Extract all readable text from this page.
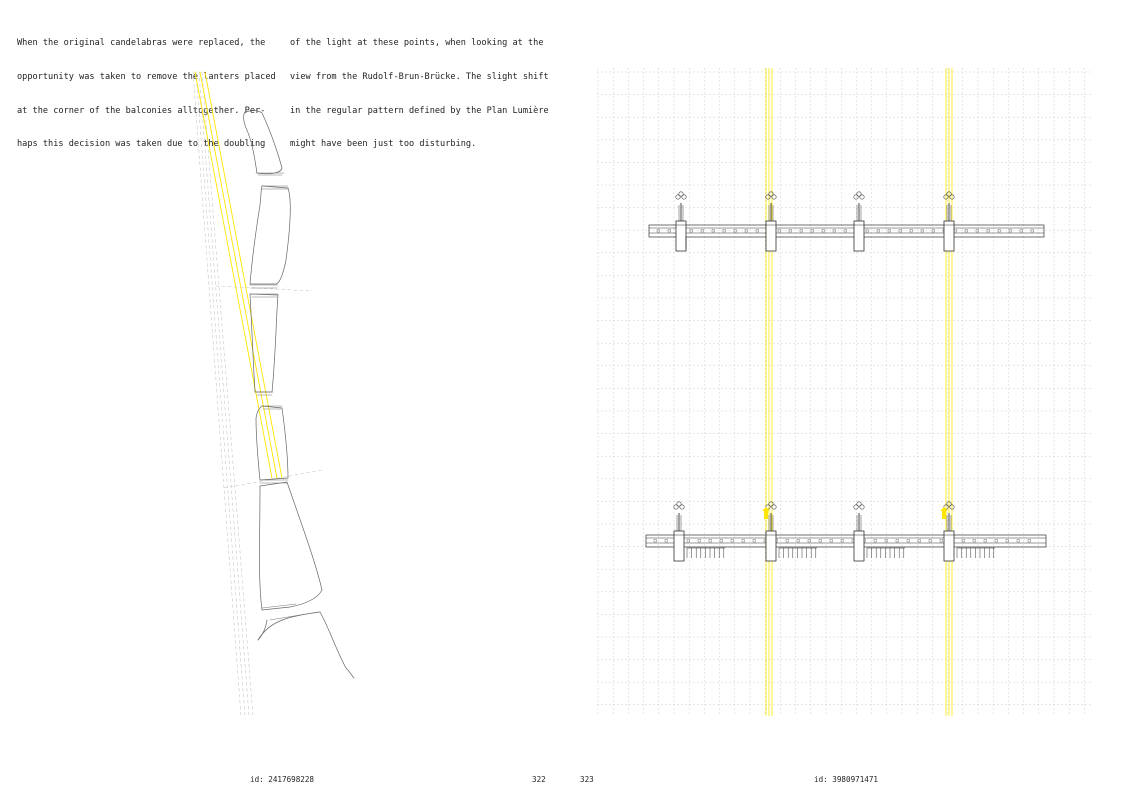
When the original candelabras were replaced, the

opportunity was taken to remove the lanters placed

at the corner of the balconies alltogether. Per-

haps this decision was taken due to the doubling

of the light at these points, when looking at the

view from the Rudolf-Brun-Brücke. The slight shift

in the regular pattern defined by the Plan Lumière

might have been just too disturbing.

id: 2417698228	322	323	id: 3980971471
